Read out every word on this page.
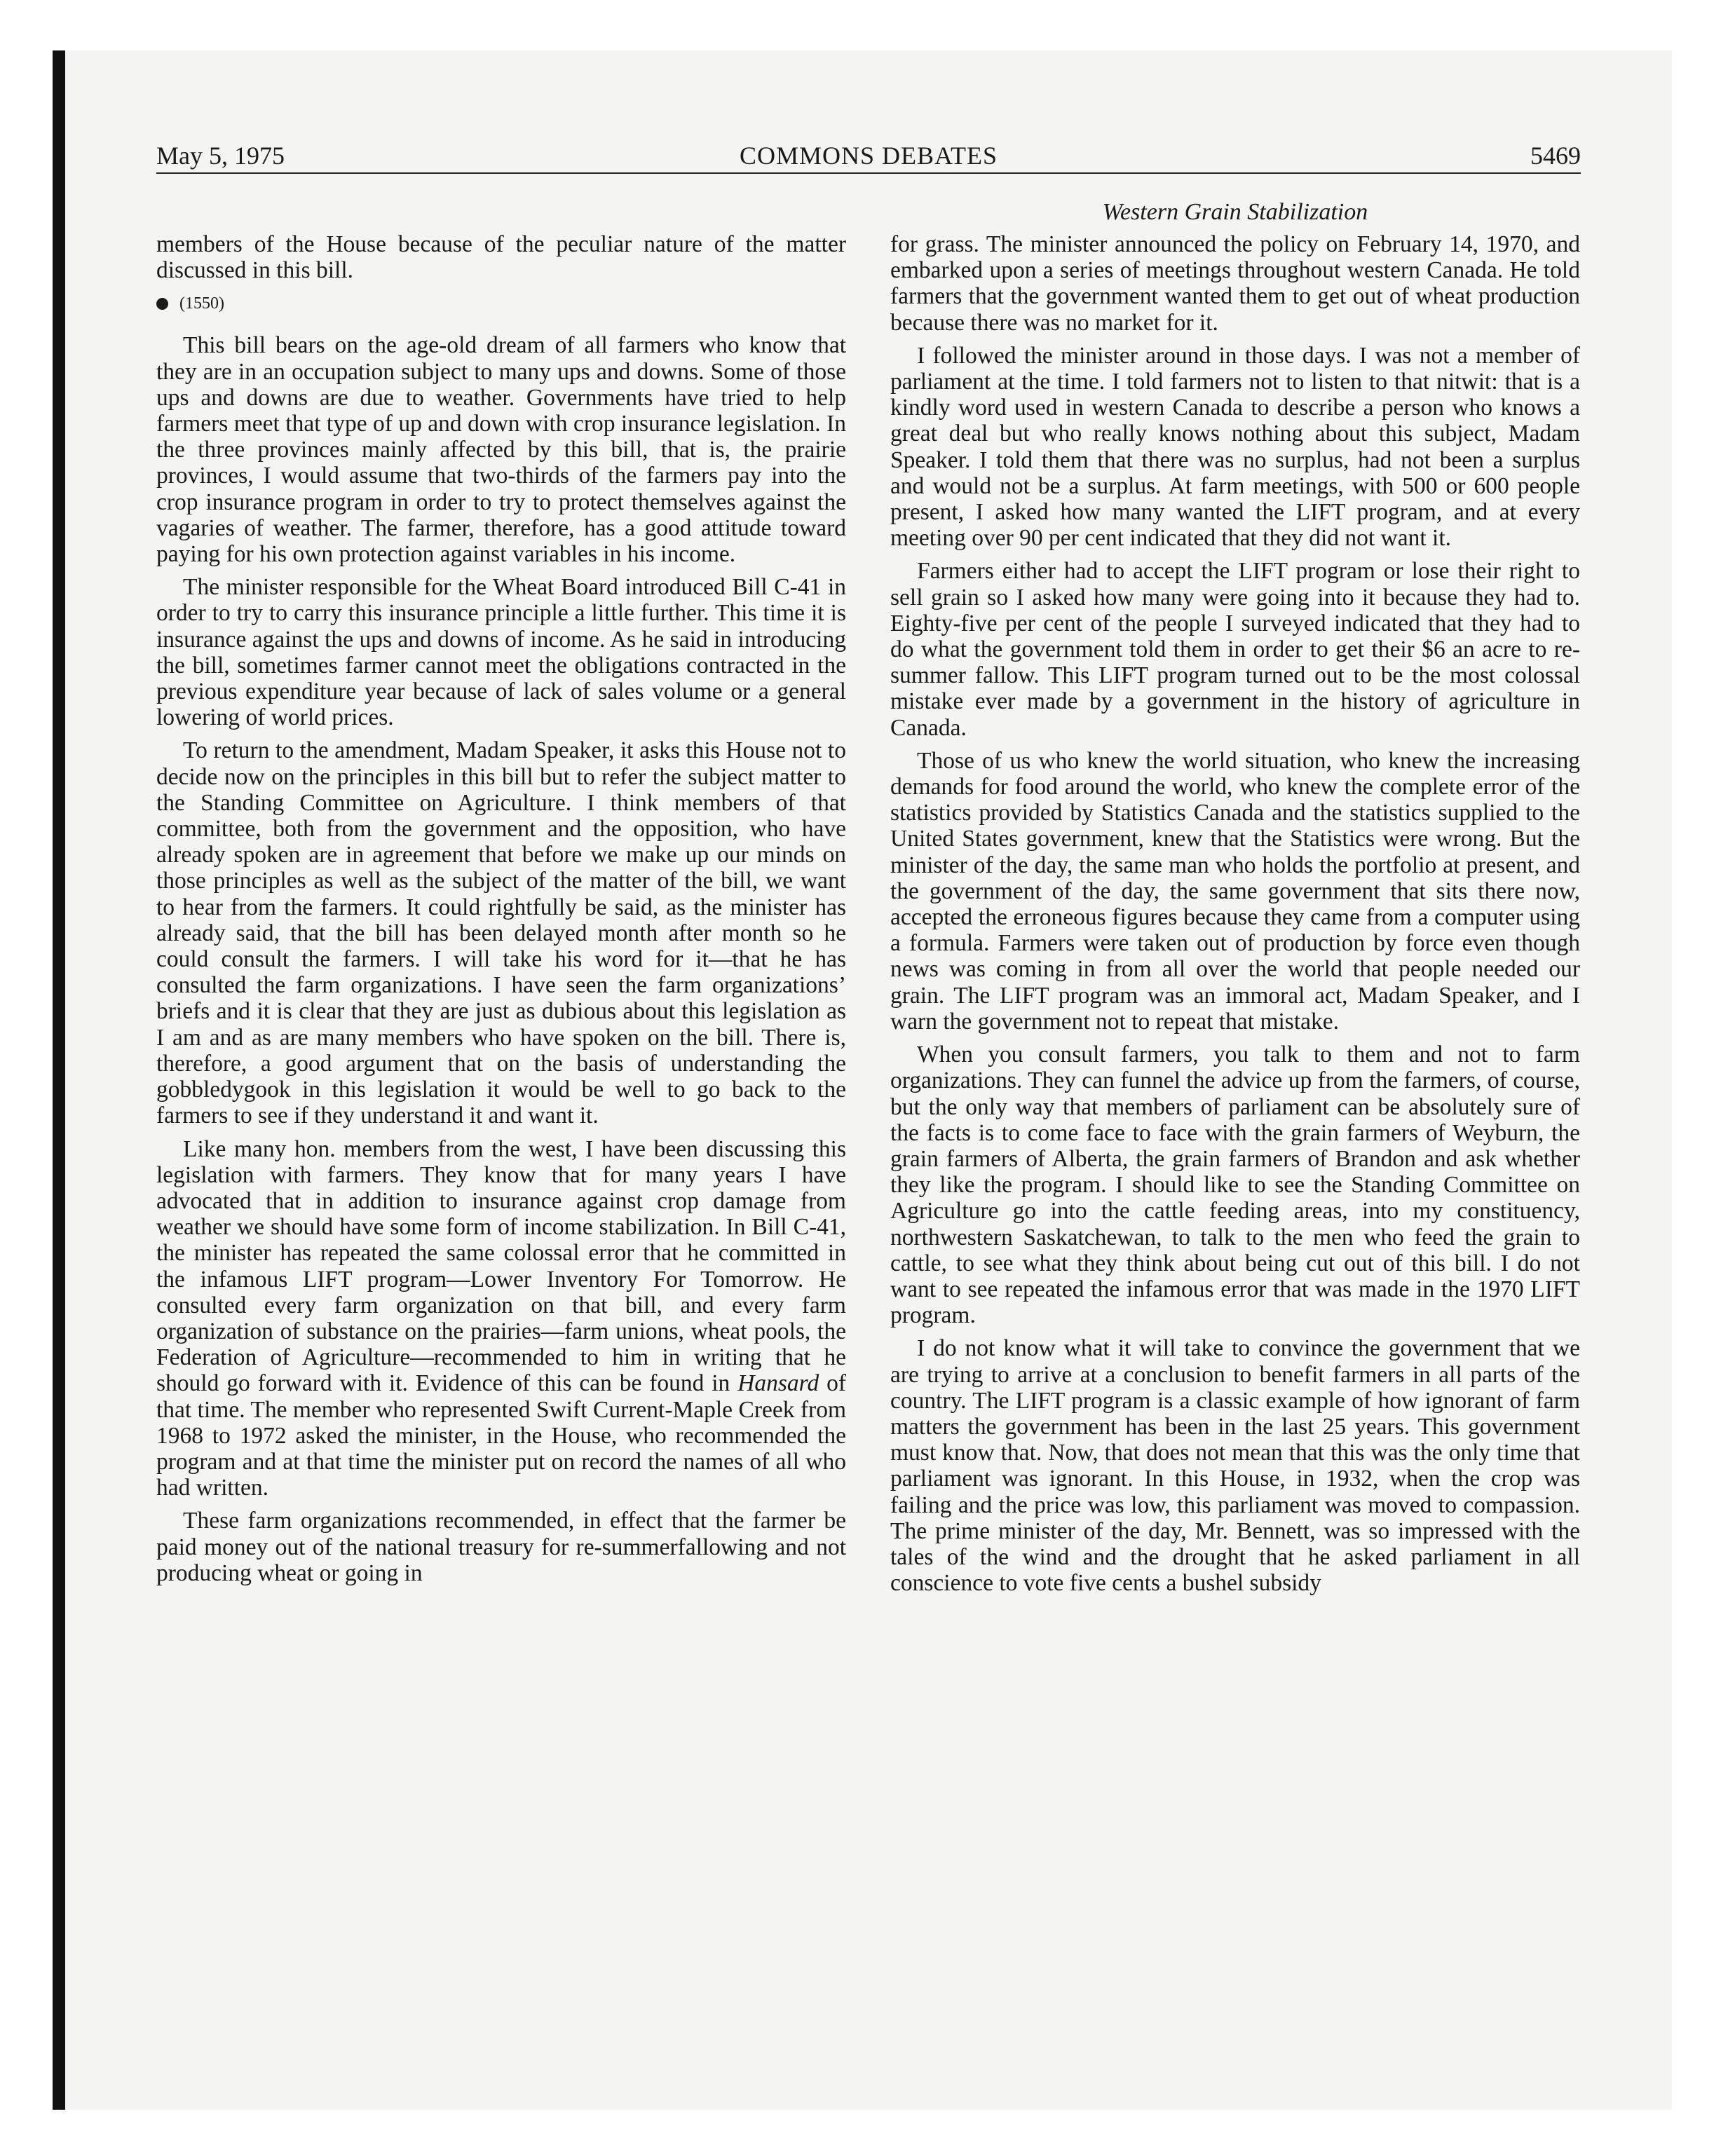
May 5, 1975	COMMONS DEBATES	5469
Western Grain Stabilization

members of the House because of the peculiar nature of the matter discussed in this bill.

(1550)

This bill bears on the age-old dream of all farmers who know that they are in an occupation subject to many ups and downs. Some of those ups and downs are due to weather. Governments have tried to help farmers meet that type of up and down with crop insurance legislation. In the three provinces mainly affected by this bill, that is, the prairie provinces, I would assume that two-thirds of the farmers pay into the crop insurance program in order to try to protect themselves against the vagaries of weather. The farmer, therefore, has a good attitude toward paying for his own protection against variables in his income.

The minister responsible for the Wheat Board introduced Bill C-41 in order to try to carry this insurance principle a little further. This time it is insurance against the ups and downs of income. As he said in introducing the bill, sometimes farmer cannot meet the obligations contracted in the previous expenditure year because of lack of sales volume or a general lowering of world prices.

To return to the amendment, Madam Speaker, it asks this House not to decide now on the principles in this bill but to refer the subject matter to the Standing Committee on Agriculture. I think members of that committee, both from the government and the opposition, who have already spoken are in agreement that before we make up our minds on those principles as well as the subject of the matter of the bill, we want to hear from the farmers. It could rightfully be said, as the minister has already said, that the bill has been delayed month after month so he could consult the farmers. I will take his word for it—that he has consulted the farm organizations. I have seen the farm organizations’ briefs and it is clear that they are just as dubious about this legislation as I am and as are many members who have spoken on the bill. There is, therefore, a good argument that on the basis of understanding the gobbledygook in this legislation it would be well to go back to the farmers to see if they understand it and want it.

Like many hon. members from the west, I have been discussing this legislation with farmers. They know that for many years I have advocated that in addition to insurance against crop damage from weather we should have some form of income stabilization. In Bill C-41, the minister has repeated the same colossal error that he committed in the infamous LIFT program—Lower Inventory For Tomorrow. He consulted every farm organization on that bill, and every farm organization of substance on the prairies—farm unions, wheat pools, the Federation of Agriculture—recommended to him in writing that he should go forward with it. Evidence of this can be found in Hansard of that time. The member who represented Swift Current-Maple Creek from 1968 to 1972 asked the minister, in the House, who recommended the program and at that time the minister put on record the names of all who had written.

These farm organizations recommended, in effect that the farmer be paid money out of the national treasury for re-summerfallowing and not producing wheat or going in

for grass. The minister announced the policy on February 14, 1970, and embarked upon a series of meetings throughout western Canada. He told farmers that the government wanted them to get out of wheat production because there was no market for it.

I followed the minister around in those days. I was not a member of parliament at the time. I told farmers not to listen to that nitwit: that is a kindly word used in western Canada to describe a person who knows a great deal but who really knows nothing about this subject, Madam Speaker. I told them that there was no surplus, had not been a surplus and would not be a surplus. At farm meetings, with 500 or 600 people present, I asked how many wanted the LIFT program, and at every meeting over 90 per cent indicated that they did not want it.

Farmers either had to accept the LIFT program or lose their right to sell grain so I asked how many were going into it because they had to. Eighty-five per cent of the people I surveyed indicated that they had to do what the government told them in order to get their $6 an acre to re-summer fallow. This LIFT program turned out to be the most colossal mistake ever made by a government in the history of agriculture in Canada.

Those of us who knew the world situation, who knew the increasing demands for food around the world, who knew the complete error of the statistics provided by Statistics Canada and the statistics supplied to the United States government, knew that the Statistics were wrong. But the minister of the day, the same man who holds the portfolio at present, and the government of the day, the same government that sits there now, accepted the erroneous figures because they came from a computer using a formula. Farmers were taken out of production by force even though news was coming in from all over the world that people needed our grain. The LIFT program was an immoral act, Madam Speaker, and I warn the government not to repeat that mistake.

When you consult farmers, you talk to them and not to farm organizations. They can funnel the advice up from the farmers, of course, but the only way that members of parliament can be absolutely sure of the facts is to come face to face with the grain farmers of Weyburn, the grain farmers of Alberta, the grain farmers of Brandon and ask whether they like the program. I should like to see the Standing Committee on Agriculture go into the cattle feeding areas, into my constituency, northwestern Saskatchewan, to talk to the men who feed the grain to cattle, to see what they think about being cut out of this bill. I do not want to see repeated the infamous error that was made in the 1970 LIFT program.

I do not know what it will take to convince the government that we are trying to arrive at a conclusion to benefit farmers in all parts of the country. The LIFT program is a classic example of how ignorant of farm matters the government has been in the last 25 years. This government must know that. Now, that does not mean that this was the only time that parliament was ignorant. In this House, in 1932, when the crop was failing and the price was low, this parliament was moved to compassion. The prime minister of the day, Mr. Bennett, was so impressed with the tales of the wind and the drought that he asked parliament in all conscience to vote five cents a bushel subsidy
